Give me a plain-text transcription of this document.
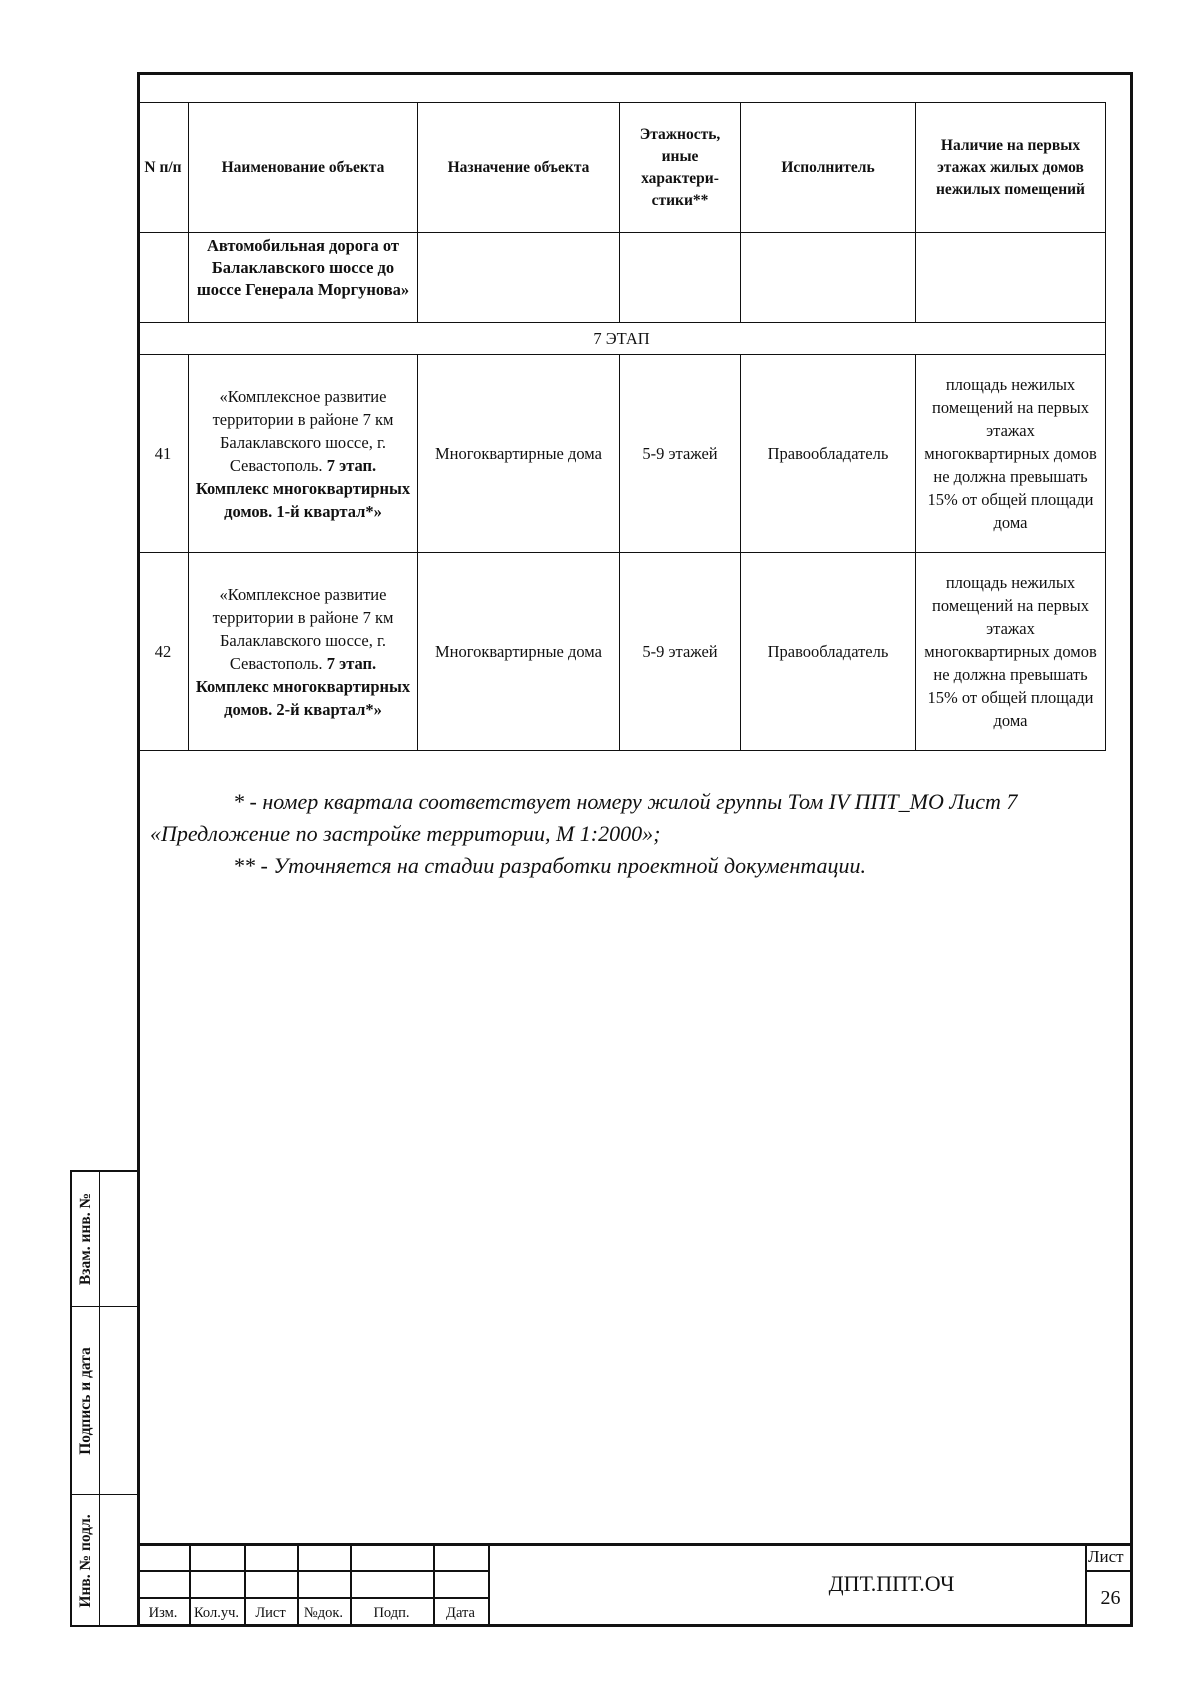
N п/п	Наименование объекта	Назначение объекта	Этажность, иные характери-стики**	Исполнитель	Наличие на первых этажах жилых домов нежилых помещений
	Автомобильная дорога от Балаклавского шоссе до шоссе Генерала Моргунова»				
7 ЭТАП					
41	«Комплексное развитие территории в районе 7 км Балаклавского шоссе, г. Севастополь. 7 этап. Комплекс многоквартирных домов. 1-й квартал*»	Многоквартирные дома	5-9 этажей	Правообладатель	площадь нежилых помещений на первых этажах многоквартирных домов не должна превышать 15% от общей площади дома
42	«Комплексное развитие территории в районе 7 км Балаклавского шоссе, г. Севастополь. 7 этап. Комплекс многоквартирных домов. 2-й квартал*»	Многоквартирные дома	5-9 этажей	Правообладатель	площадь нежилых помещений на первых этажах многоквартирных домов не должна превышать 15% от общей площади дома

* - номер квартала соответствует номеру жилой группы Том IV ППТ_МО Лист 7

«Предложение по застройке территории, М 1:2000»;

** - Уточняется на стадии разработки проектной документации.

Взам. инв. №
Подпись и дата
Инв. № подл.
Изм.	Кол.уч.	Лист	№док.	Подп.	Дата
ДПТ.ППТ.ОЧ
Лист
26
